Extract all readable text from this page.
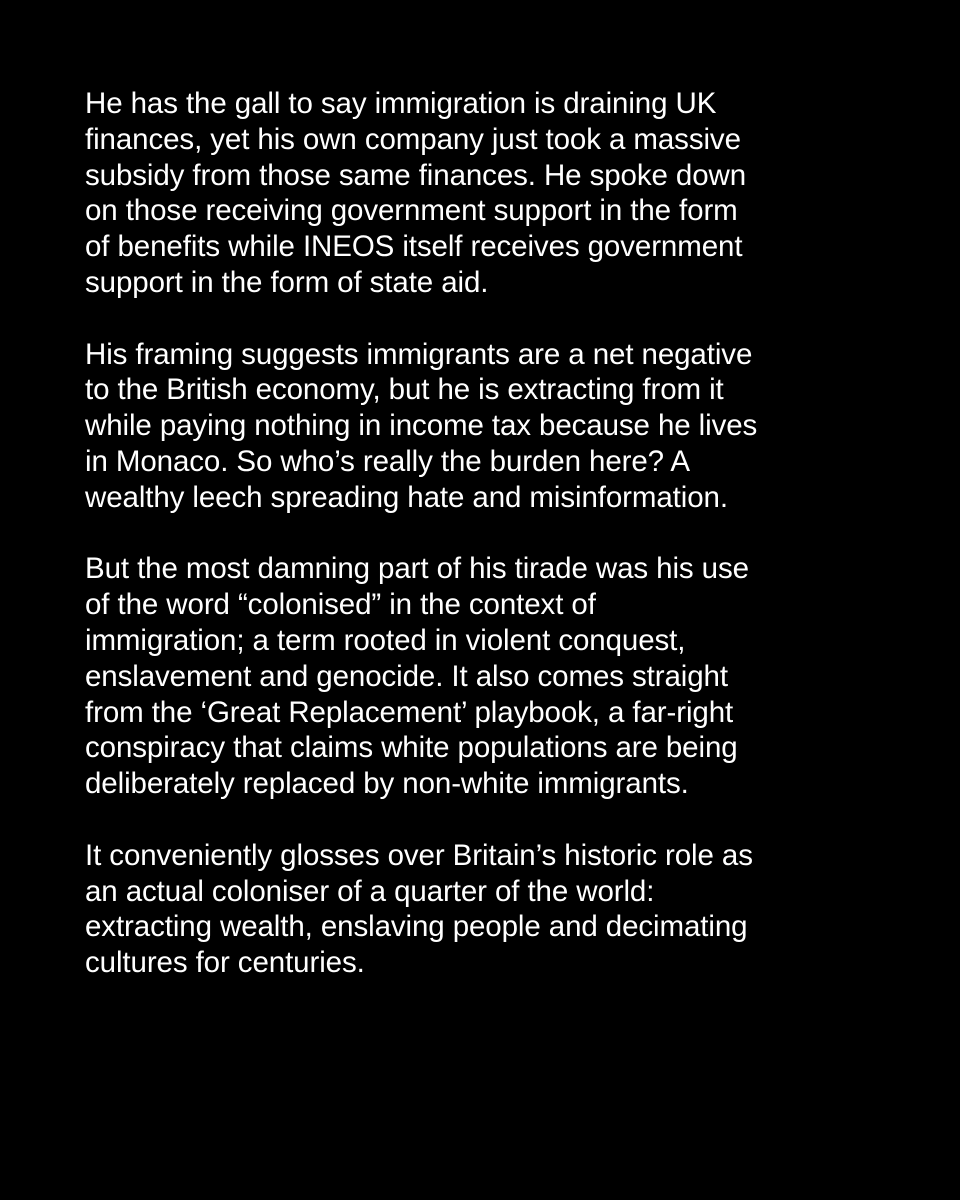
He has the gall to say immigration is draining UK
finances, yet his own company just took a massive
subsidy from those same finances. He spoke down
on those receiving government support in the form
of benefits while INEOS itself receives government
support in the form of state aid.

His framing suggests immigrants are a net negative
to the British economy, but he is extracting from it
while paying nothing in income tax because he lives
in Monaco. So who’s really the burden here? A
wealthy leech spreading hate and misinformation.

But the most damning part of his tirade was his use
of the word “colonised” in the context of
immigration; a term rooted in violent conquest,
enslavement and genocide. It also comes straight
from the ‘Great Replacement’ playbook, a far-right
conspiracy that claims white populations are being
deliberately replaced by non-white immigrants.

It conveniently glosses over Britain’s historic role as
an actual coloniser of a quarter of the world:
extracting wealth, enslaving people and decimating
cultures for centuries.
